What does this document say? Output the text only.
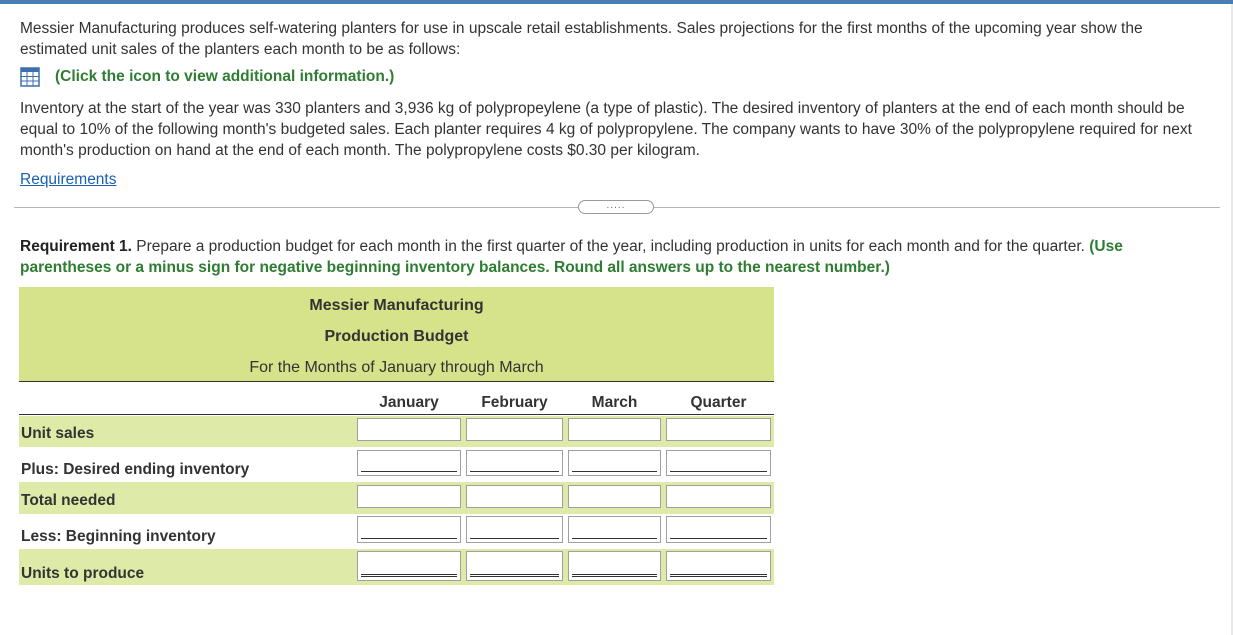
Messier Manufacturing produces self-watering planters for use in upscale retail establishments. Sales projections for the first months of the upcoming year show the estimated unit sales of the planters each month to be as follows:
(Click the icon to view additional information.)
Inventory at the start of the year was 330 planters and 3,936 kg of polypropeylene (a type of plastic). The desired inventory of planters at the end of each month should be equal to 10% of the following month's budgeted sales. Each planter requires 4 kg of polypropylene. The company wants to have 30% of the polypropylene required for next month's production on hand at the end of each month. The polypropylene costs $0.30 per kilogram.
Requirements
.....
Requirement 1. Prepare a production budget for each month in the first quarter of the year, including production in units for each month and for the quarter. (Use parentheses or a minus sign for negative beginning inventory balances. Round all answers up to the nearest number.)
Messier Manufacturing
Production Budget
For the Months of January through March
January	February	March	Quarter
Unit sales
Plus: Desired ending inventory
Total needed
Less: Beginning inventory
Units to produce
